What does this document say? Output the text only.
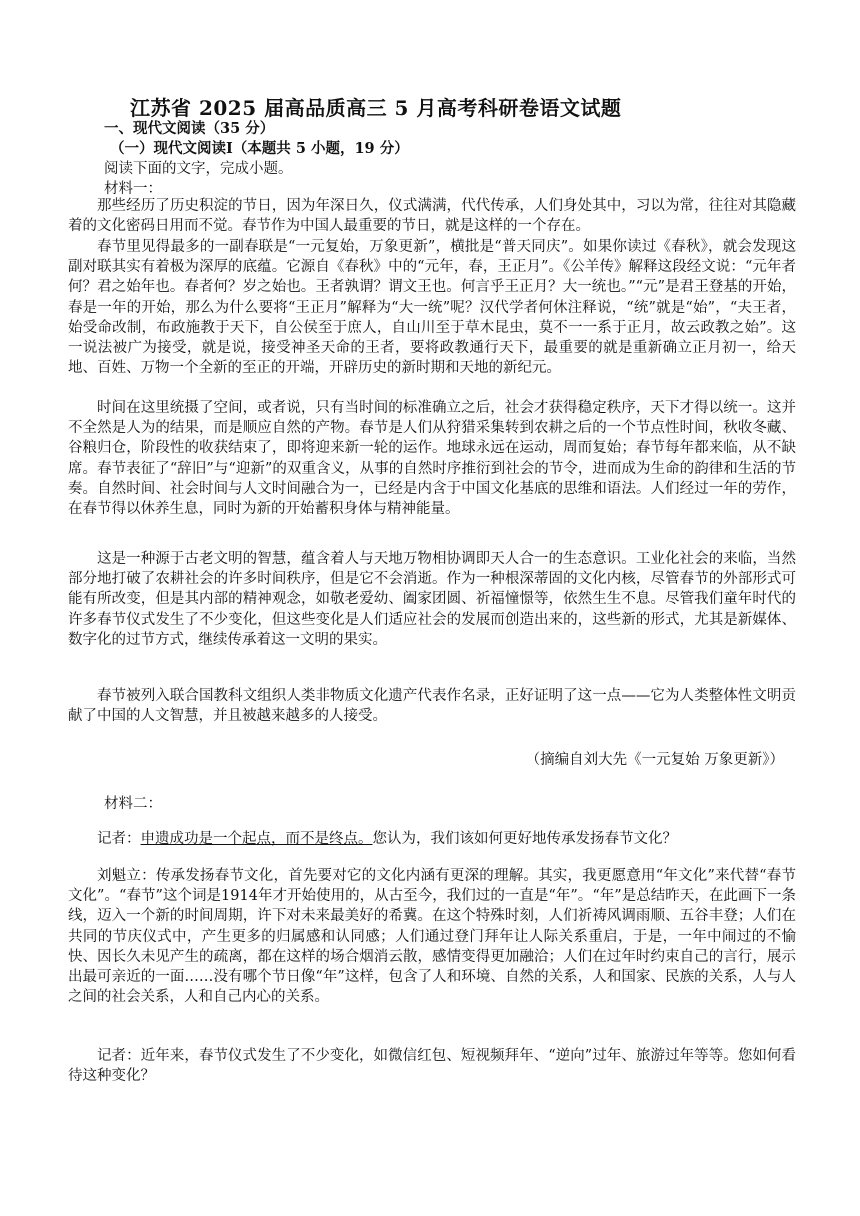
江苏省 2025 届高品质高三 5 月高考科研卷语文试题
一、现代文阅读（35 分）
（一）现代文阅读Ⅰ（本题共 5 小题，19 分）
阅读下面的文字，完成小题。
材料一：

那些经历了历史积淀的节日，因为年深日久，仪式满满，代代传承，人们身处其中，习以为常，往往对其隐藏着的文化密码日用而不觉。春节作为中国人最重要的节日，就是这样的一个存在。

春节里见得最多的一副春联是“一元复始，万象更新”，横批是“普天同庆”。如果你读过《春秋》，就会发现这副对联其实有着极为深厚的底蕴。它源自《春秋》中的“元年，春，王正月”。《公羊传》解释这段经文说：“元年者何？君之始年也。春者何？岁之始也。王者孰谓？谓文王也。何言乎王正月？大一统也。”“元”是君王登基的开始，春是一年的开始，那么为什么要将“王正月”解释为“大一统”呢？汉代学者何休注释说，“统”就是“始”，“夫王者，始受命改制，布政施教于天下，自公侯至于庶人，自山川至于草木昆虫，莫不一一系于正月，故云政教之始”。这一说法被广为接受，就是说，接受神圣天命的王者，要将政教通行天下，最重要的就是重新确立正月初一，给天地、百姓、万物一个全新的至正的开端，开辟历史的新时期和天地的新纪元。

时间在这里统摄了空间，或者说，只有当时间的标准确立之后，社会才获得稳定秩序，天下才得以统一。这并不全然是人为的结果，而是顺应自然的产物。春节是人们从狩猎采集转到农耕之后的一个节点性时间，秋收冬藏、谷粮归仓，阶段性的收获结束了，即将迎来新一轮的运作。地球永远在运动，周而复始；春节每年都来临，从不缺席。春节表征了“辞旧”与“迎新”的双重含义，从事的自然时序推衍到社会的节令，进而成为生命的韵律和生活的节奏。自然时间、社会时间与人文时间融合为一，已经是内含于中国文化基底的思维和语法。人们经过一年的劳作，在春节得以休养生息，同时为新的开始蓄积身体与精神能量。

这是一种源于古老文明的智慧，蕴含着人与天地万物相协调即天人合一的生态意识。工业化社会的来临，当然部分地打破了农耕社会的许多时间秩序，但是它不会消逝。作为一种根深蒂固的文化内核，尽管春节的外部形式可能有所改变，但是其内部的精神观念，如敬老爱幼、阖家团圆、祈福憧憬等，依然生生不息。尽管我们童年时代的许多春节仪式发生了不少变化，但这些变化是人们适应社会的发展而创造出来的，这些新的形式，尤其是新媒体、数字化的过节方式，继续传承着这一文明的果实。

春节被列入联合国教科文组织人类非物质文化遗产代表作名录，正好证明了这一点——它为人类整体性文明贡献了中国的人文智慧，并且被越来越多的人接受。

（摘编自刘大先《一元复始 万象更新》）
材料二：

记者：申遗成功是一个起点，而不是终点。您认为，我们该如何更好地传承发扬春节文化？

刘魁立：传承发扬春节文化，首先要对它的文化内涵有更深的理解。其实，我更愿意用“年文化”来代替“春节文化”。“春节”这个词是1914年才开始使用的，从古至今，我们过的一直是“年”。“年”是总结昨天，在此画下一条线，迈入一个新的时间周期，许下对未来最美好的希冀。在这个特殊时刻，人们祈祷风调雨顺、五谷丰登；人们在共同的节庆仪式中，产生更多的归属感和认同感；人们通过登门拜年让人际关系重启，于是，一年中闹过的不愉快、因长久未见产生的疏离，都在这样的场合烟消云散，感情变得更加融洽；人们在过年时约束自己的言行，展示出最可亲近的一面……没有哪个节日像“年”这样，包含了人和环境、自然的关系，人和国家、民族的关系，人与人之间的社会关系，人和自己内心的关系。

记者：近年来，春节仪式发生了不少变化，如微信红包、短视频拜年、“逆向”过年、旅游过年等等。您如何看待这种变化？
